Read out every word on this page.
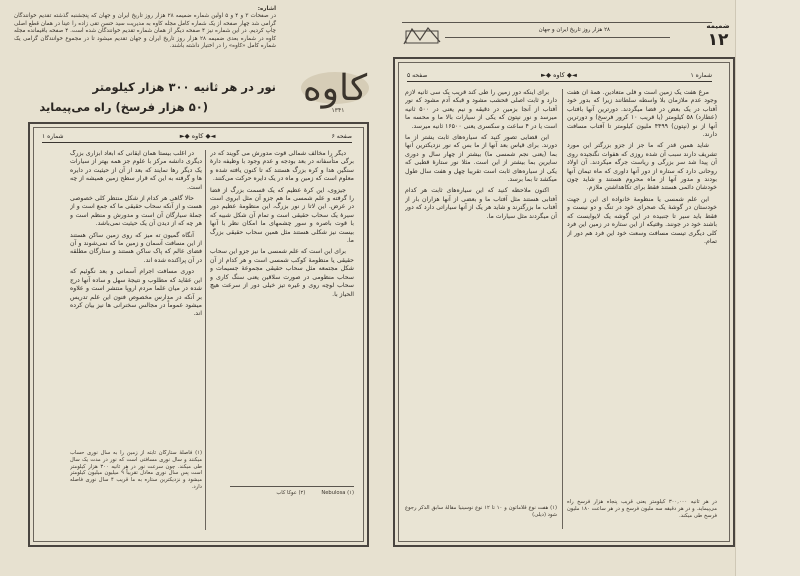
اشاره:
در صفحات ۳ و ۴ و ۵ اولین شماره ضمیمه ۲۸ هزار روز تاریخ ایران و جهان که پنجشنبه گذشته تقدیم خوانندگان گرامی شد چهار صفحه از یک شماره کامل مجله کاوه به مدیریت سید حسن تقی زاده را عینا در همان قطع اصلی چاپ کردیم. در این شماره نیز ۴ صفحه دیگر از همان شماره تقدیم خوانندگان شده است. ۴ صفحه باقیمانده مجله کاوه در شماره بعدی ضمیمه ۲۸ هزار روز تاریخ ایران و جهان تقدیم میشود تا در مجموع خوانندگان گرامی یک شماره کامل «کاوه» را در اختیار داشته باشند.
کاوه
۱۳۴۱
نور در هر ثانیه ۳۰۰ هزار کیلومتر
(۵۰ هزار فرسخ) راه می‌پیماید
۲۸ هزار روز تاریخ ایران و جهان	ضمیمه
۱۲
صفحه ۶
◄◆ کاوه ◆►
شماره ۱

دیگر را مخالف شمالی قوت مدورش می گویند که در برگی متأسفانه در بعد بودجه و عدم وجود با وظیفه دارۀ سنگین هدا و کره بزرگ هستند که تا کنون یافته شده و معلوم است که زمین و ماه در یک دایره حرکت می‌کنند.

جیزوی، این کرهٔ عظیم که یک قسمت بزرگ از فضا را گرفته و علم شمسی ما هم جزو آن مثل ابروی است در عرض. این لاتا ز نور بزرگ، این منظومهٔ عظیم دور سیرهٔ یک سحاب حقیقی است و تمام آن شکل شبیه که با قوت باصره و سور چشمهای ما امکان نظر با آنها بیست نیز شکلی هستند مثل همین سحاب حقیقی بزرگ ما.

برای این است که علم شمسی ما نیز جزو این سحاب حقیقی یا منظومهٔ کوکب شمسی است و هر کدام از آن شکل مجتمعه مثل سحاب حقیقی مجموعهٔ جسیمات و سحاب منظومی در صورت سلاقین یعنی سنگ کاری و سحاب لوچه روی و غیره تیز خیلی دور از سرعت هیچ الحیاز با.

(۱) Nebulosa
(۲) عوکا کاب

در اغلب بیستا همان ایقانی که ابعاد ابزاری بزرگ دیگری دانشه مرکز با علوم جز همه بهتر از سیارات یک دیگر رها نمایند که بعد از آن از حیثیت در دایره ها و گرفته به این که قرار سطح زمین همیشه از چه است.

حالا گاهی هر کدام از شکل منتظر کلی خصوصی هست و از آنکه سحاب حقیقی ما که جمع است و از جملهٔ سیارگان آن است و مدورش و منظم است و هر چه که از دیدن آن یک حیثیت نمی‌باشد.

آنگاه گمیون ته میز که روی زمین ساکن هستند از این مسافت آسمان و زمین ما که نمی‌شوند و آن فضای عالم که پاک ساکن هستند و ستارگان مطلقه در آن پراکنده شده اند.

دوری مسافت اجرام آسمانی و بعد نگوئیم که این عقاید که مطلوب و نتیجهٔ سهل و ساده آنها درج شده در میان علما مردم اروپا منتشر است و علاوه بر آنکه در مدارس مخصوص فنون این علم تدریس میشود عموماً در مجالس سخنرانی ها نیز بیان کرده اند.

(۱) فاصلهٔ ستارگان ثابته از زمین را به سال نوری حساب میکنند و سال نوری مسافتی است که نور در مدت یک سال طی میکند. چون سرعت نور در هر ثانیه ۳۰۰ هزار کیلومتر است پس سال نوری معادل تقریباً ۹ میلیون میلیون کیلومتر میشود و نزدیکترین ستاره به ما قریب ۴ سال نوری فاصله دارد.
شماره ۱
◄◆ کاوه ◆►
صفحه ۵

مرغ هفت یک زمین است و فلی متعادین. همهٔ ان هفت وجود عدم ملازمان بلا واسطه سلطانند زیرا که بدور خود آفتاب در یک بعض در فضا میگردند. دورترین آنها بافتاب (عطارد) ۵۸ کیلومتر (یا قریب ۱۰ کرور فرسخ) و دورترین آنها از نو (نپتون) ۴۴۹۹ ملیون کیلومتر تا آفتاب مسافت دارند.

شاید همین قدر که ما جز از جزو بزرگتر این مورد تشریف دارند سبب آن شده روزی که هفوات نگنجیده روی آن پیدا شد سر بزرگی و ریاست جرگه میکردند. آن اولاد روحانی دارد که ستاره از دور آنها داوری که ماه تیمان آنها بودند و مدور آنها از ماه محروم هستند و شاید چون خودشان دائمی هستند فقط برای تکاهداشتن ملازم.

این علم شمسی یا منظومهٔ خانواده ای این ز جهت خودستان در گوشهٔ یک صحرای خود در تنگ و دو نیست و فقط باید سیر تا جنبیده در این گوشه یک لایوایست که باشند خود در جونند. وقتیکه از این ستاره در زمین این فرد کلی دیگری تیست مسافت وسعت خود این فرد هم دور از تمام.

در هر ثانیه ۳۰۰,۰۰۰ کیلومتر یعنی قریب پنجاه هزار فرسخ راه می‌پیماید. و در هر دقیقه سه ملیون فرسخ و در هر ساعت ۱۸۰ ملیون فرسخ طی میکند.

برای اینکه دور زمین را طی کند قریب یک سی ثانیه لازم دارد و ثابت اصلی قحشب مشود و قبکه آدم مشود که نور آفتاب از آنجا بزمین در دقیقه و نیم یعنی در ۵۰۰ ثانیه میرسد و نور نپتون که یکی از سیارات بالا ما و محسه ما است یا در ۴ ساعت و سکسری یعنی ۱۶۵۰۰ ثانیه میرسد.

این قضایی تصور کنید که سیاره‌های ثابت یشتر از ما دورند. برای قیاس بعد آنها از ما بس که نور نزدیکترین آنها بما (یعنی نجم شمسی ما) بیشتر از چهار سال و دوری سایرین بما بیشتر از این است. مثلا نور ستارهٔ قطبی که یکی از سیاره‌های ثابت است تقریبا چهل و هفت سال طول میکشد تا بما برسد.

اکنون ملاحظه کنید که این سیاره‌های ثابت هر کدام آفتابی هستند مثل آفتاب ما و بعضی از آنها هزاران بار از آفتاب ما بزرگترند و شاید هر یک از آنها سیاراتی دارد که دور آن میگردند مثل سیارات ما.

(۱) هفت نوع قلاماتون و ۱۰ تا ۱۲ نوع نوسینیا مقالهٔ سابق الذکر رجوع شود (دیلی)
